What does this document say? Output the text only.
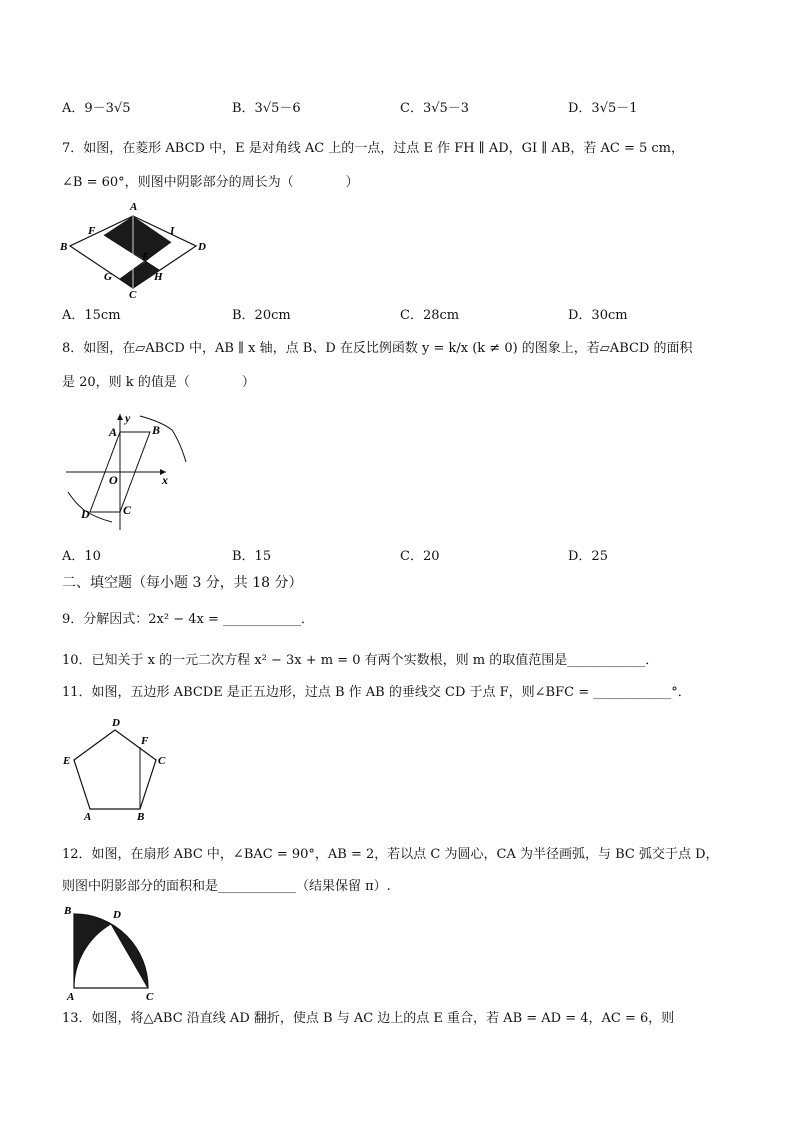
A．9－3√5	B．3√5－6	C．3√5－3	D．3√5－1
7．如图，在菱形 ABCD 中，E 是对角线 AC 上的一点，过点 E 作 FH ∥ AD，GI ∥ AB，若 AC = 5 cm，
∠B = 60°，则图中阴影部分的周长为（　　　　）
A
B
C
D
E
F
G	H
I
A．15cm	B．20cm	C．28cm	D．30cm
8．如图，在▱ABCD 中，AB ∥ x 轴，点 B、D 在反比例函数 y = k/x (k ≠ 0) 的图象上，若▱ABCD 的面积
是 20，则 k 的值是（　　　　）
A	B
C
D
O	x
y
A．10	B．15	C．20	D．25
二、填空题（每小题 3 分，共 18 分）
9．分解因式：2x² − 4x = ____________．
10．已知关于 x 的一元二次方程 x² − 3x + m = 0 有两个实数根，则 m 的取值范围是____________．
11．如图，五边形 ABCDE 是正五边形，过点 B 作 AB 的垂线交 CD 于点 F，则∠BFC = ____________°．
A	B
C
D
E
F
12．如图，在扇形 ABC 中，∠BAC = 90°，AB = 2，若以点 C 为圆心，CA 为半径画弧，与 BC 弧交于点 D，
则图中阴影部分的面积和是____________（结果保留 π）.
B	D
A	C
13．如图，将△ABC 沿直线 AD 翻折，使点 B 与 AC 边上的点 E 重合，若 AB = AD = 4，AC = 6，则
